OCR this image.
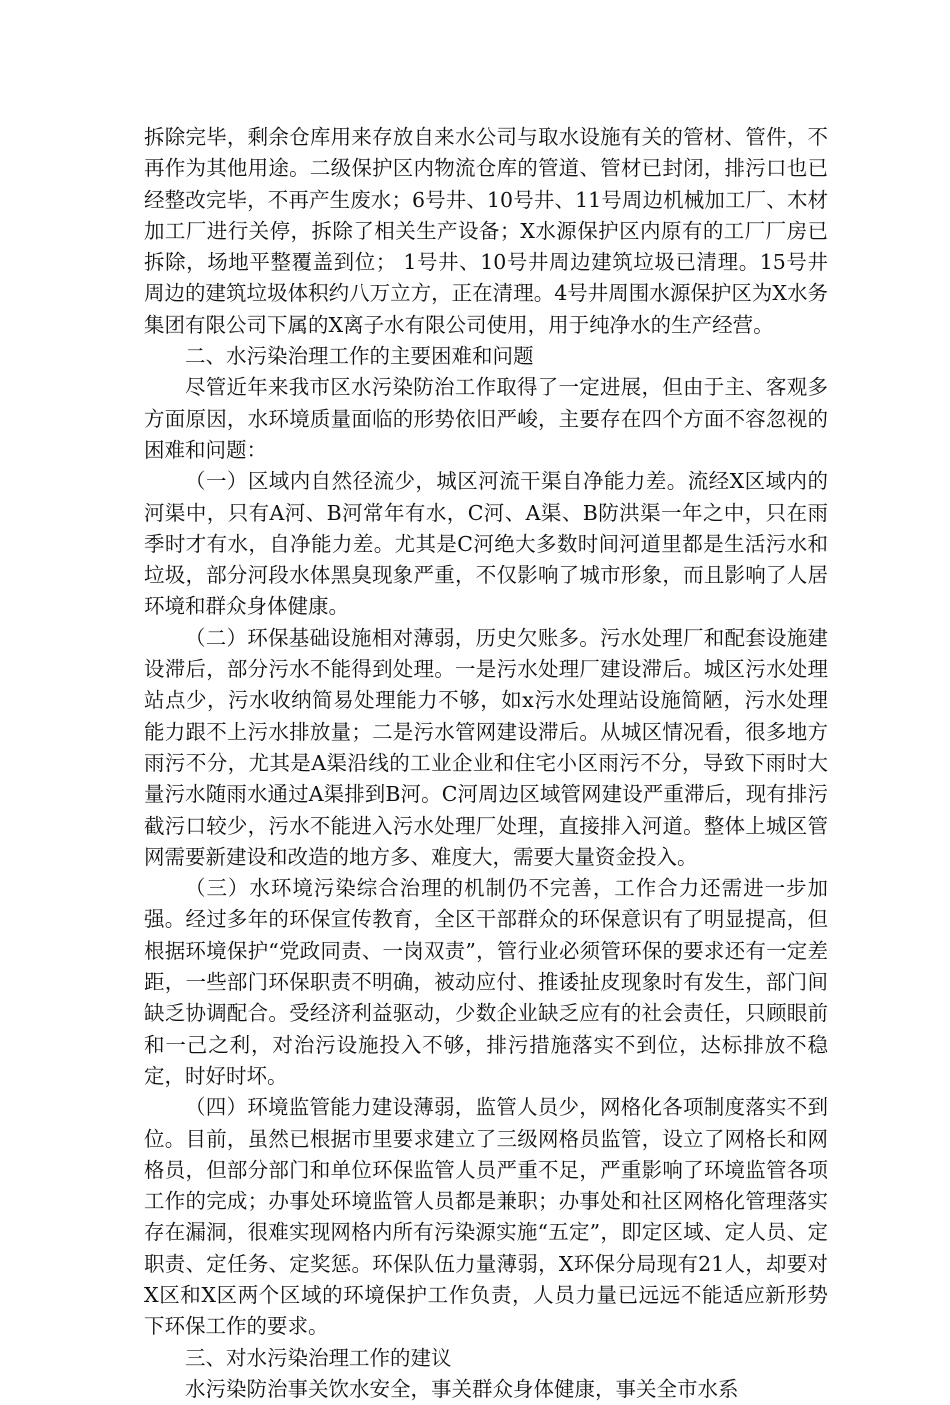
拆除完毕，剩余仓库用来存放自来水公司与取水设施有关的管材、管件，不再作为其他用途。二级保护区内物流仓库的管道、管材已封闭，排污口也已经整改完毕，不再产生废水；6号井、10号井、11号周边机械加工厂、木材加工厂进行关停，拆除了相关生产设备；X水源保护区内原有的工厂厂房已拆除，场地平整覆盖到位； 1号井、10号井周边建筑垃圾已清理。15号井周边的建筑垃圾体积约八万立方，正在清理。4号井周围水源保护区为X水务集团有限公司下属的X离子水有限公司使用，用于纯净水的生产经营。

二、水污染治理工作的主要困难和问题

尽管近年来我市区水污染防治工作取得了一定进展，但由于主、客观多方面原因，水环境质量面临的形势依旧严峻，主要存在四个方面不容忽视的困难和问题：

（一）区域内自然径流少，城区河流干渠自净能力差。流经X区域内的河渠中，只有A河、B河常年有水，C河、A渠、B防洪渠一年之中，只在雨季时才有水，自净能力差。尤其是C河绝大多数时间河道里都是生活污水和垃圾，部分河段水体黑臭现象严重，不仅影响了城市形象，而且影响了人居环境和群众身体健康。

（二）环保基础设施相对薄弱，历史欠账多。污水处理厂和配套设施建设滞后，部分污水不能得到处理。一是污水处理厂建设滞后。城区污水处理站点少，污水收纳简易处理能力不够，如x污水处理站设施简陋，污水处理能力跟不上污水排放量；二是污水管网建设滞后。从城区情况看，很多地方雨污不分，尤其是A渠沿线的工业企业和住宅小区雨污不分，导致下雨时大量污水随雨水通过A渠排到B河。C河周边区域管网建设严重滞后，现有排污截污口较少，污水不能进入污水处理厂处理，直接排入河道。整体上城区管网需要新建设和改造的地方多、难度大，需要大量资金投入。

（三）水环境污染综合治理的机制仍不完善，工作合力还需进一步加强。经过多年的环保宣传教育，全区干部群众的环保意识有了明显提高，但根据环境保护“党政同责、一岗双责”，管行业必须管环保的要求还有一定差距，一些部门环保职责不明确，被动应付、推诿扯皮现象时有发生，部门间缺乏协调配合。受经济利益驱动，少数企业缺乏应有的社会责任，只顾眼前和一己之利，对治污设施投入不够，排污措施落实不到位，达标排放不稳定，时好时坏。

（四）环境监管能力建设薄弱，监管人员少，网格化各项制度落实不到位。目前，虽然已根据市里要求建立了三级网格员监管，设立了网格长和网格员，但部分部门和单位环保监管人员严重不足，严重影响了环境监管各项工作的完成；办事处环境监管人员都是兼职；办事处和社区网格化管理落实存在漏洞，很难实现网格内所有污染源实施“五定”，即定区域、定人员、定职责、定任务、定奖惩。环保队伍力量薄弱，X环保分局现有21人，却要对X区和X区两个区域的环境保护工作负责，人员力量已远远不能适应新形势下环保工作的要求。

三、对水污染治理工作的建议

水污染防治事关饮水安全，事关群众身体健康，事关全市水系
